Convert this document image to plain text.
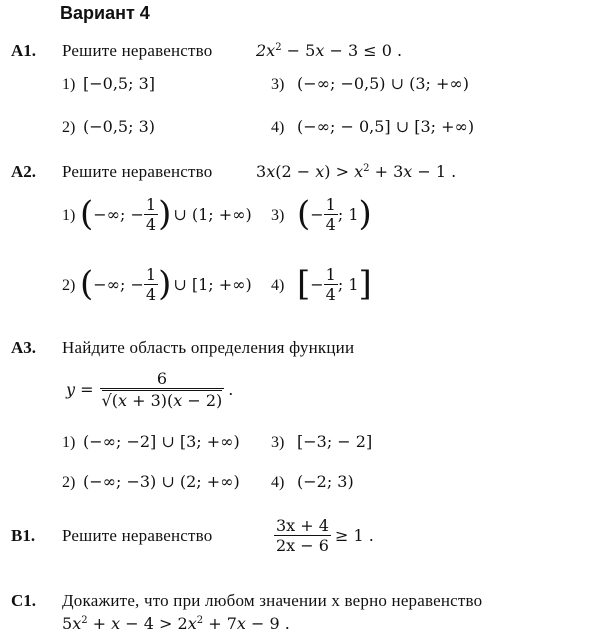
Вариант 4
А1. Решите неравенство	$2x^2 - 5x - 3 \le 0$ .
1) [−0,5; 3]	3) (−∞; −0,5) ∪ (3; +∞)
2) (−0,5; 3)	4) (−∞; − 0,5] ∪ [3; +∞)
А2. Решите неравенство	$3x(2 - x) > x^2 + 3x - 1$ .
1) ( −∞; − $\frac{1}{4}$ ) ∪ (1; +∞) 3) ( − $\frac{1}{4}$ ; 1 )
2) ( −∞; − $\frac{1}{4}$ ) ∪ [1; +∞) 4) [ − $\frac{1}{4}$ ; 1 ]
А3. Найдите область определения функции
$y = \frac{6}{√(x + 3)(x - 2)}$ .
1) (−∞; −2] ∪ [3; +∞) 3) [−3; − 2]
2) (−∞; −3) ∪ (2; +∞) 4) (−2; 3)
В1. Решите неравенство	$\frac{3x + 4}{2x - 6} \ge 1$ .
С1. Докажите, что при любом значении x верно неравенство
$5x^2 + x - 4 > 2x^2 + 7x - 9$ .
